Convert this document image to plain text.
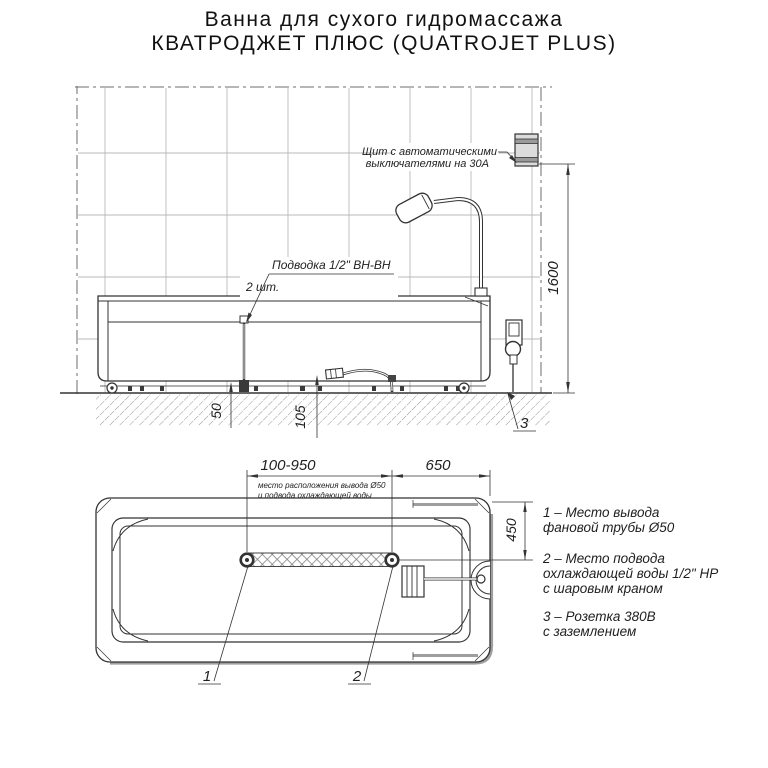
Ванна для сухого гидромассажа
КВАТРОДЖЕТ ПЛЮС (QUATROJET PLUS)
Щит с автоматическими
выключателями на 30А
3
1600
50	105
Подводка 1/2" ВН-ВН
2 шт.
100-950
место расположения вывода Ø50
и подвода охлаждающей воды
650
450
1	2
1 – Место вывода
фановой трубы Ø50
2 – Место подвода
охлаждающей воды 1/2" НР
с шаровым краном
3 – Розетка 380В
с заземлением
